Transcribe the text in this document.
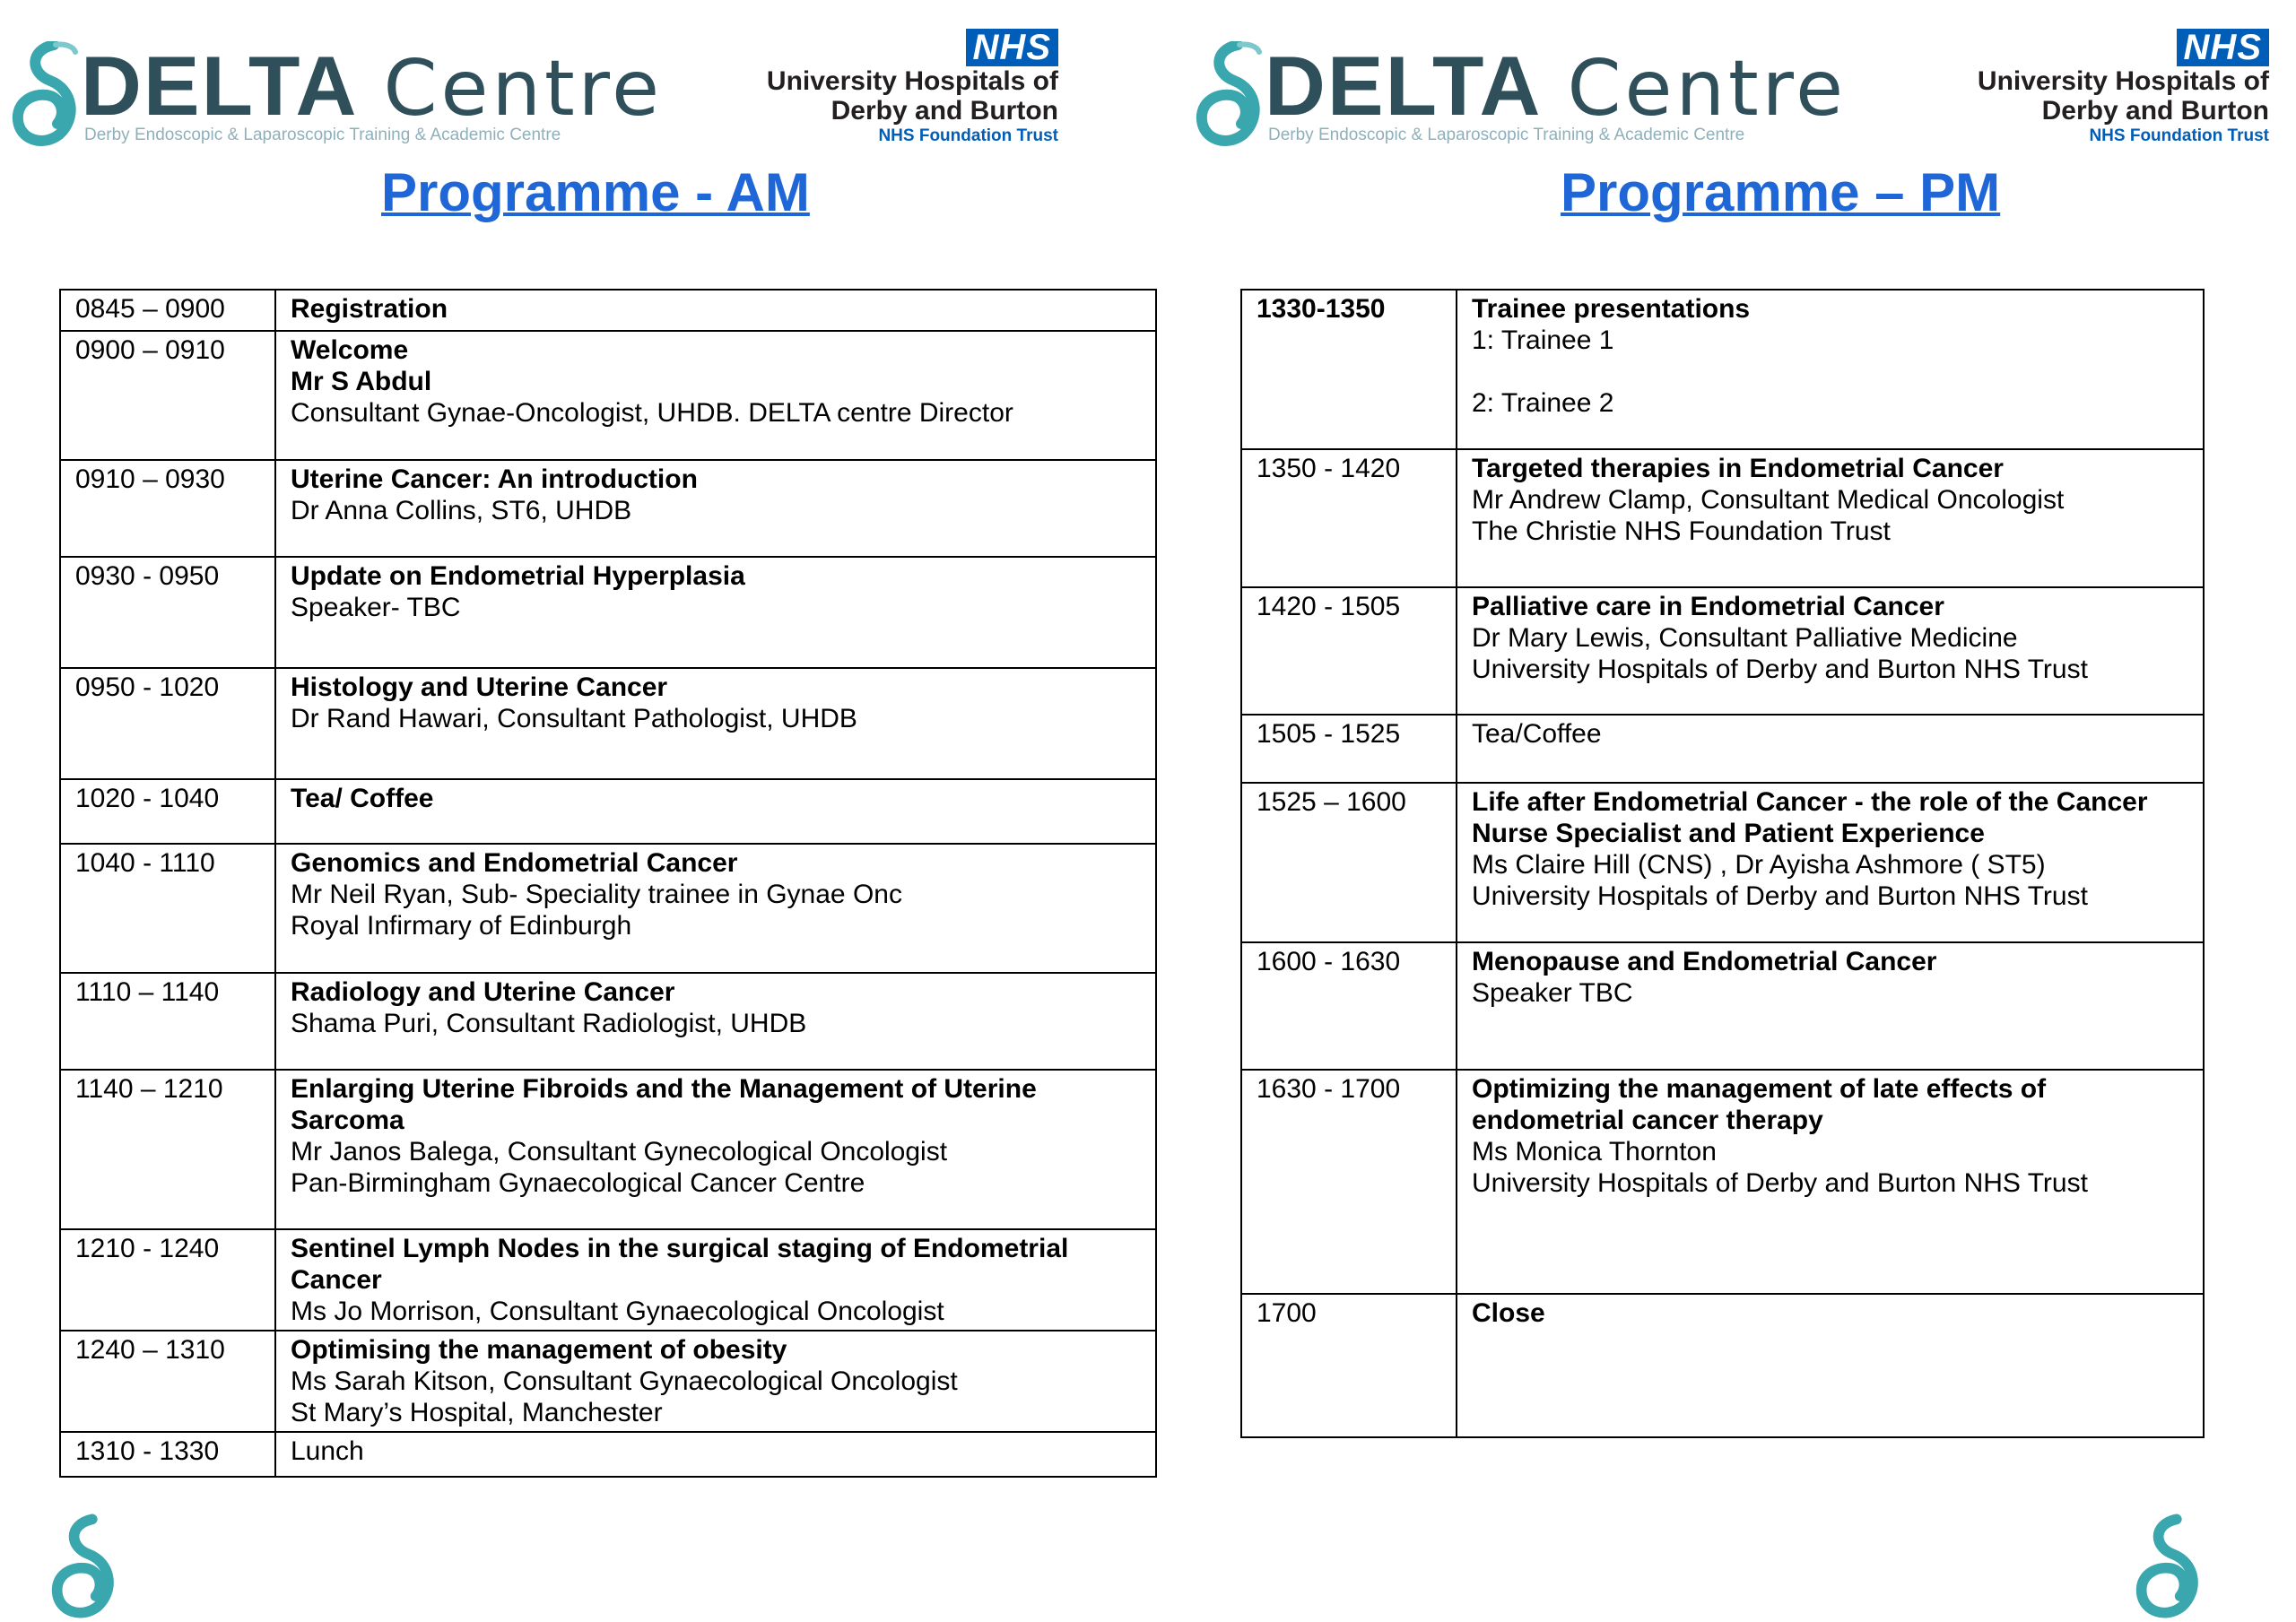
DELTA Centre
Derby Endoscopic & Laparoscopic Training & Academic Centre
NHS
University Hospitals of
Derby and Burton
NHS Foundation Trust
Programme - AM
0845 – 0900	Registration

0900 – 0910	Welcome
Mr S Abdul
Consultant Gynae-Oncologist, UHDB. DELTA centre Director

0910 – 0930	Uterine Cancer: An introduction
Dr Anna Collins, ST6, UHDB

0930 - 0950	Update on Endometrial Hyperplasia
Speaker- TBC

0950 - 1020	Histology and Uterine Cancer
Dr Rand Hawari, Consultant Pathologist, UHDB

1020 - 1040	Tea/ Coffee

1040 - 1110	Genomics and Endometrial Cancer
Mr Neil Ryan, Sub- Speciality trainee in Gynae Onc
Royal Infirmary of Edinburgh

1110 – 1140	Radiology and Uterine Cancer
Shama Puri, Consultant Radiologist, UHDB

1140 – 1210	Enlarging Uterine Fibroids and the Management of Uterine Sarcoma
Mr Janos Balega, Consultant Gynecological Oncologist
Pan-Birmingham Gynaecological Cancer Centre

1210 - 1240	Sentinel Lymph Nodes in the surgical staging of Endometrial Cancer
Ms Jo Morrison, Consultant Gynaecological Oncologist

1240 – 1310	Optimising the management of obesity
Ms Sarah Kitson, Consultant Gynaecological Oncologist
St Mary’s Hospital, Manchester

1310 - 1330	Lunch
DELTA Centre
Derby Endoscopic & Laparoscopic Training & Academic Centre
NHS
University Hospitals of
Derby and Burton
NHS Foundation Trust
Programme – PM
1330-1350	Trainee presentations
1: Trainee 1

2: Trainee 2

1350 - 1420	Targeted therapies in Endometrial Cancer
Mr Andrew Clamp, Consultant Medical Oncologist
The Christie NHS Foundation Trust

1420 - 1505	Palliative care in Endometrial Cancer
Dr Mary Lewis, Consultant Palliative Medicine
University Hospitals of Derby and Burton NHS Trust

1505 - 1525	Tea/Coffee

1525 – 1600	Life after Endometrial Cancer - the role of the Cancer Nurse Specialist and Patient Experience
Ms Claire Hill (CNS) , Dr Ayisha Ashmore ( ST5)
University Hospitals of Derby and Burton NHS Trust

1600 - 1630	Menopause and Endometrial Cancer
Speaker TBC

1630 - 1700	Optimizing the management of late effects of endometrial cancer therapy
Ms Monica Thornton
University Hospitals of Derby and Burton NHS Trust

1700	Close
